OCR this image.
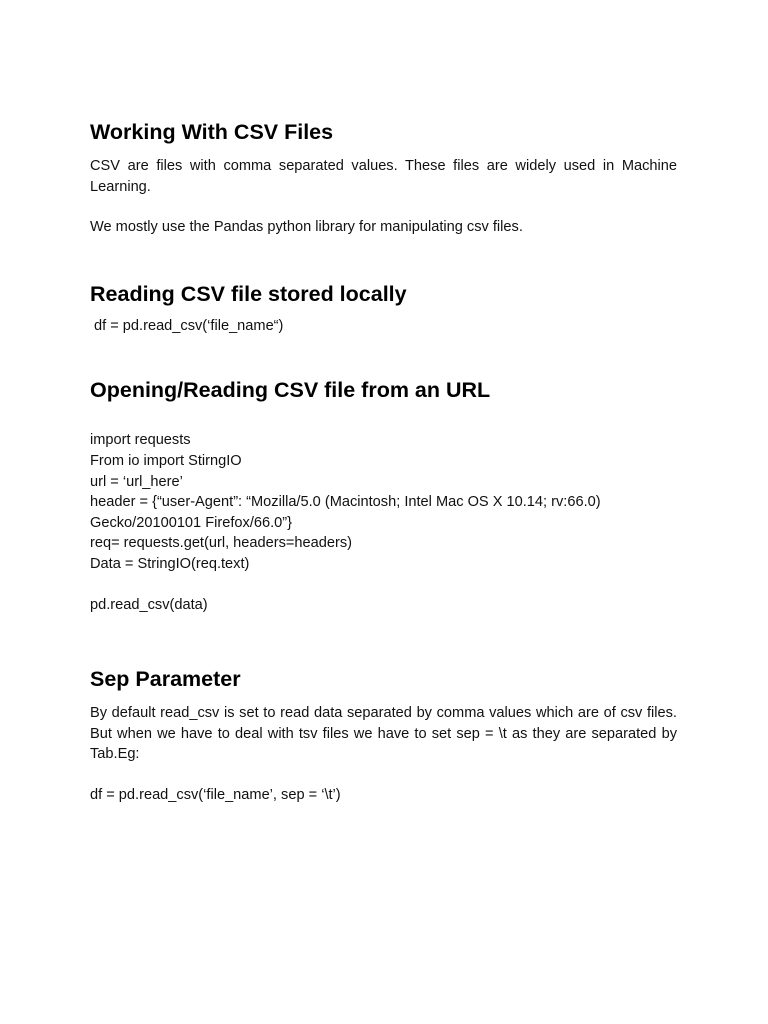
Working With CSV Files

CSV are files with comma separated values. These files are widely used in Machine Learning.

We mostly use the Pandas python library for manipulating csv files.

Reading CSV file stored locally
df = pd.read_csv(‘file_name“)
Opening/Reading CSV file from an URL
import requests
From io import StirngIO
url = ‘url_here’
header = {“user-Agent”: “Mozilla/5.0 (Macintosh; Intel Mac OS X 10.14; rv:66.0) Gecko/20100101 Firefox/66.0”}
req= requests.get(url, headers=headers)
Data = StringIO(req.text)
pd.read_csv(data)
Sep Parameter

By default read_csv is set to read data separated by comma values which are of csv files. But when we have to deal with tsv files we have to set sep = \t as they are separated by Tab.Eg:

df = pd.read_csv(‘file_name’, sep = ‘\t’)
